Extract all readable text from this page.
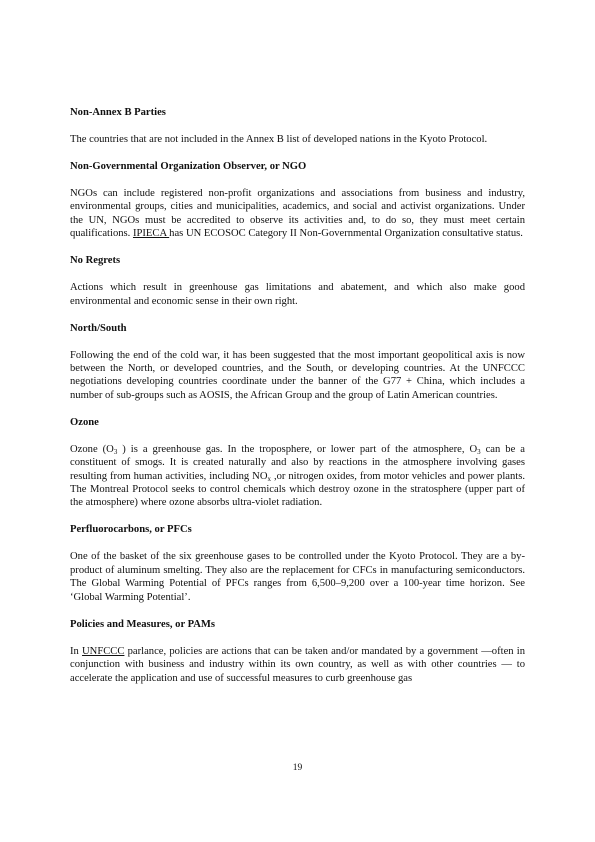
Non-Annex B Parties

The countries that are not included in the Annex B list of developed nations in the Kyoto Protocol.

Non-Governmental Organization Observer, or NGO

NGOs can include registered non-profit organizations and associations from business and industry, environmental groups, cities and municipalities, academics, and social and activist organizations. Under the UN, NGOs must be accredited to observe its activities and, to do so, they must meet certain qualifications. IPIECA has UN ECOSOC Category II Non-Governmental Organization consultative status.

No Regrets

Actions which result in greenhouse gas limitations and abatement, and which also make good environmental and economic sense in their own right.

North/South

Following the end of the cold war, it has been suggested that the most important geopolitical axis is now between the North, or developed countries, and the South, or developing countries. At the UNFCCC negotiations developing countries coordinate under the banner of the G77 + China, which includes a number of sub-groups such as AOSIS, the African Group and the group of Latin American countries.

Ozone

Ozone ($O_3$ ) is a greenhouse gas. In the troposphere, or lower part of the atmosphere, $O_3$ can be a constituent of smogs. It is created naturally and also by reactions in the atmosphere involving gases resulting from human activities, including $NO_x$ ,or nitrogen oxides, from motor vehicles and power plants. The Montreal Protocol seeks to control chemicals which destroy ozone in the stratosphere (upper part of the atmosphere) where ozone absorbs ultra-violet radiation.

Perfluorocarbons, or PFCs

One of the basket of the six greenhouse gases to be controlled under the Kyoto Protocol. They are a by-product of aluminum smelting. They also are the replacement for CFCs in manufacturing semiconductors. The Global Warming Potential of PFCs ranges from 6,500–9,200 over a 100-year time horizon. See ‘Global Warming Potential’.

Policies and Measures, or PAMs

In UNFCCC parlance, policies are actions that can be taken and/or mandated by a government —often in conjunction with business and industry within its own country, as well as with other countries — to accelerate the application and use of successful measures to curb greenhouse gas

19
